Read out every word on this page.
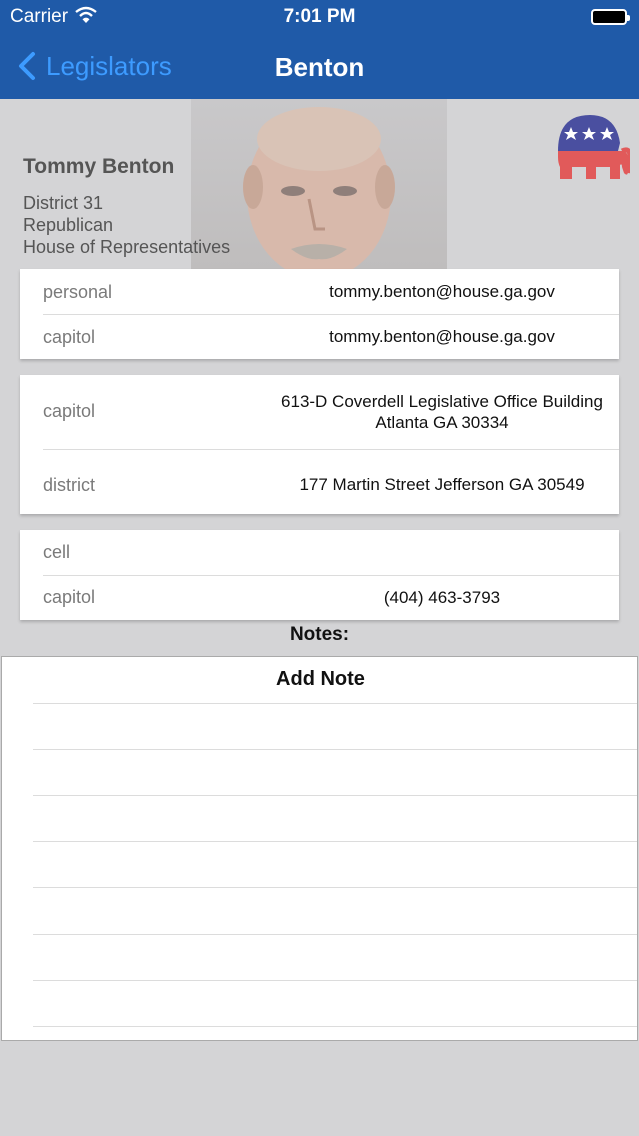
Carrier	7:01 PM
Legislators	Benton
Tommy Benton
District 31
Republican
House of Representatives
personal	tommy.benton@house.ga.gov
capitol	tommy.benton@house.ga.gov
capitol	613-D Coverdell Legislative Office Building
Atlanta GA 30334
district	177 Martin Street Jefferson GA 30549
cell
capitol	(404) 463-3793
Notes:
Add Note
